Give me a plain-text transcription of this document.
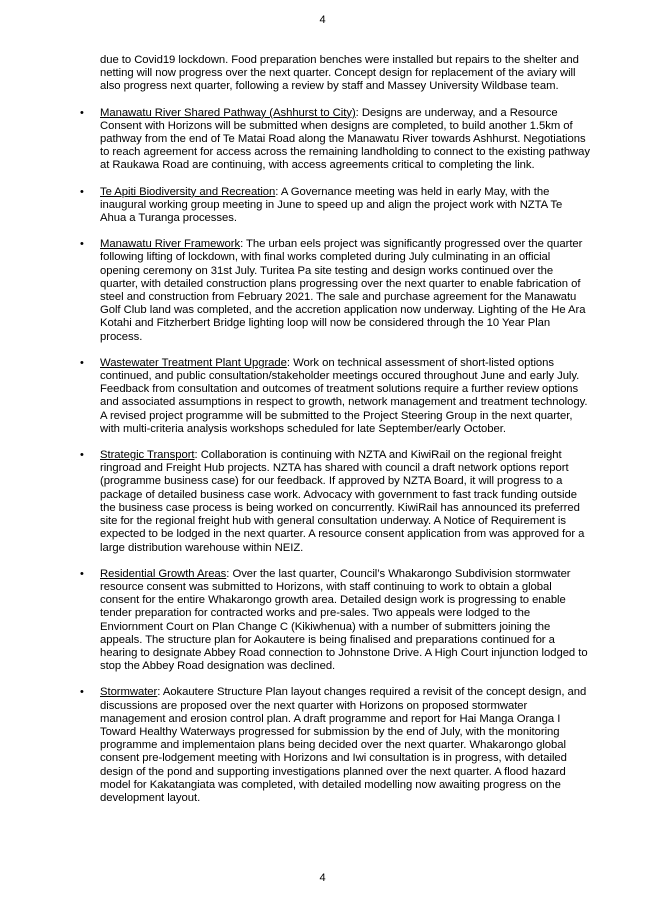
4

due to Covid19 lockdown. Food preparation benches were installed but repairs to the shelter and netting will now progress over the next quarter. Concept design for replacement of the aviary will also progress next quarter, following a review by staff and Massey University Wildbase team.

• Manawatu River Shared Pathway (Ashhurst to City): Designs are underway, and a Resource Consent with Horizons will be submitted when designs are completed, to build another 1.5km of pathway from the end of Te Matai Road along the Manawatu River towards Ashhurst. Negotiations to reach agreement for access across the remaining landholding to connect to the existing pathway at Raukawa Road are continuing, with access agreements critical to completing the link.

• Te Apiti Biodiversity and Recreation: A Governance meeting was held in early May, with the inaugural working group meeting in June to speed up and align the project work with NZTA Te Ahua a Turanga processes.

• Manawatu River Framework: The urban eels project was significantly progressed over the quarter following lifting of lockdown, with final works completed during July culminating in an official opening ceremony on 31st July. Turitea Pa site testing and design works continued over the quarter, with detailed construction plans progressing over the next quarter to enable fabrication of steel and construction from February 2021. The sale and purchase agreement for the Manawatu Golf Club land was completed, and the accretion application now underway. Lighting of the He Ara Kotahi and Fitzherbert Bridge lighting loop will now be considered through the 10 Year Plan process.

• Wastewater Treatment Plant Upgrade: Work on technical assessment of short-listed options continued, and public consultation/stakeholder meetings occured throughout June and early July. Feedback from consultation and outcomes of treatment solutions require a further review options and associated assumptions in respect to growth, network management and treatment technology. A revised project programme will be submitted to the Project Steering Group in the next quarter, with multi-criteria analysis workshops scheduled for late September/early October.

• Strategic Transport: Collaboration is continuing with NZTA and KiwiRail on the regional freight ringroad and Freight Hub projects. NZTA has shared with council a draft network options report (programme business case) for our feedback. If approved by NZTA Board, it will progress to a package of detailed business case work. Advocacy with government to fast track funding outside the business case process is being worked on concurrently. KiwiRail has announced its preferred site for the regional freight hub with general consultation underway. A Notice of Requirement is expected to be lodged in the next quarter. A resource consent application from was approved for a large distribution warehouse within NEIZ.

• Residential Growth Areas: Over the last quarter, Council’s Whakarongo Subdivision stormwater resource consent was submitted to Horizons, with staff continuing to work to obtain a global consent for the entire Whakarongo growth area. Detailed design work is progressing to enable tender preparation for contracted works and pre-sales. Two appeals were lodged to the Enviornment Court on Plan Change C (Kikiwhenua) with a number of submitters joining the appeals. The structure plan for Aokautere is being finalised and preparations continued for a hearing to designate Abbey Road connection to Johnstone Drive. A High Court injunction lodged to stop the Abbey Road designation was declined.

• Stormwater: Aokautere Structure Plan layout changes required a revisit of the concept design, and discussions are proposed over the next quarter with Horizons on proposed stormwater management and erosion control plan. A draft programme and report for Hai Manga Oranga I Toward Healthy Waterways progressed for submission by the end of July, with the monitoring programme and implementaion plans being decided over the next quarter. Whakarongo global consent pre-lodgement meeting with Horizons and Iwi consultation is in progress, with detailed design of the pond and supporting investigations planned over the next quarter. A flood hazard model for Kakatangiata was completed, with detailed modelling now awaiting progress on the development layout.

4
